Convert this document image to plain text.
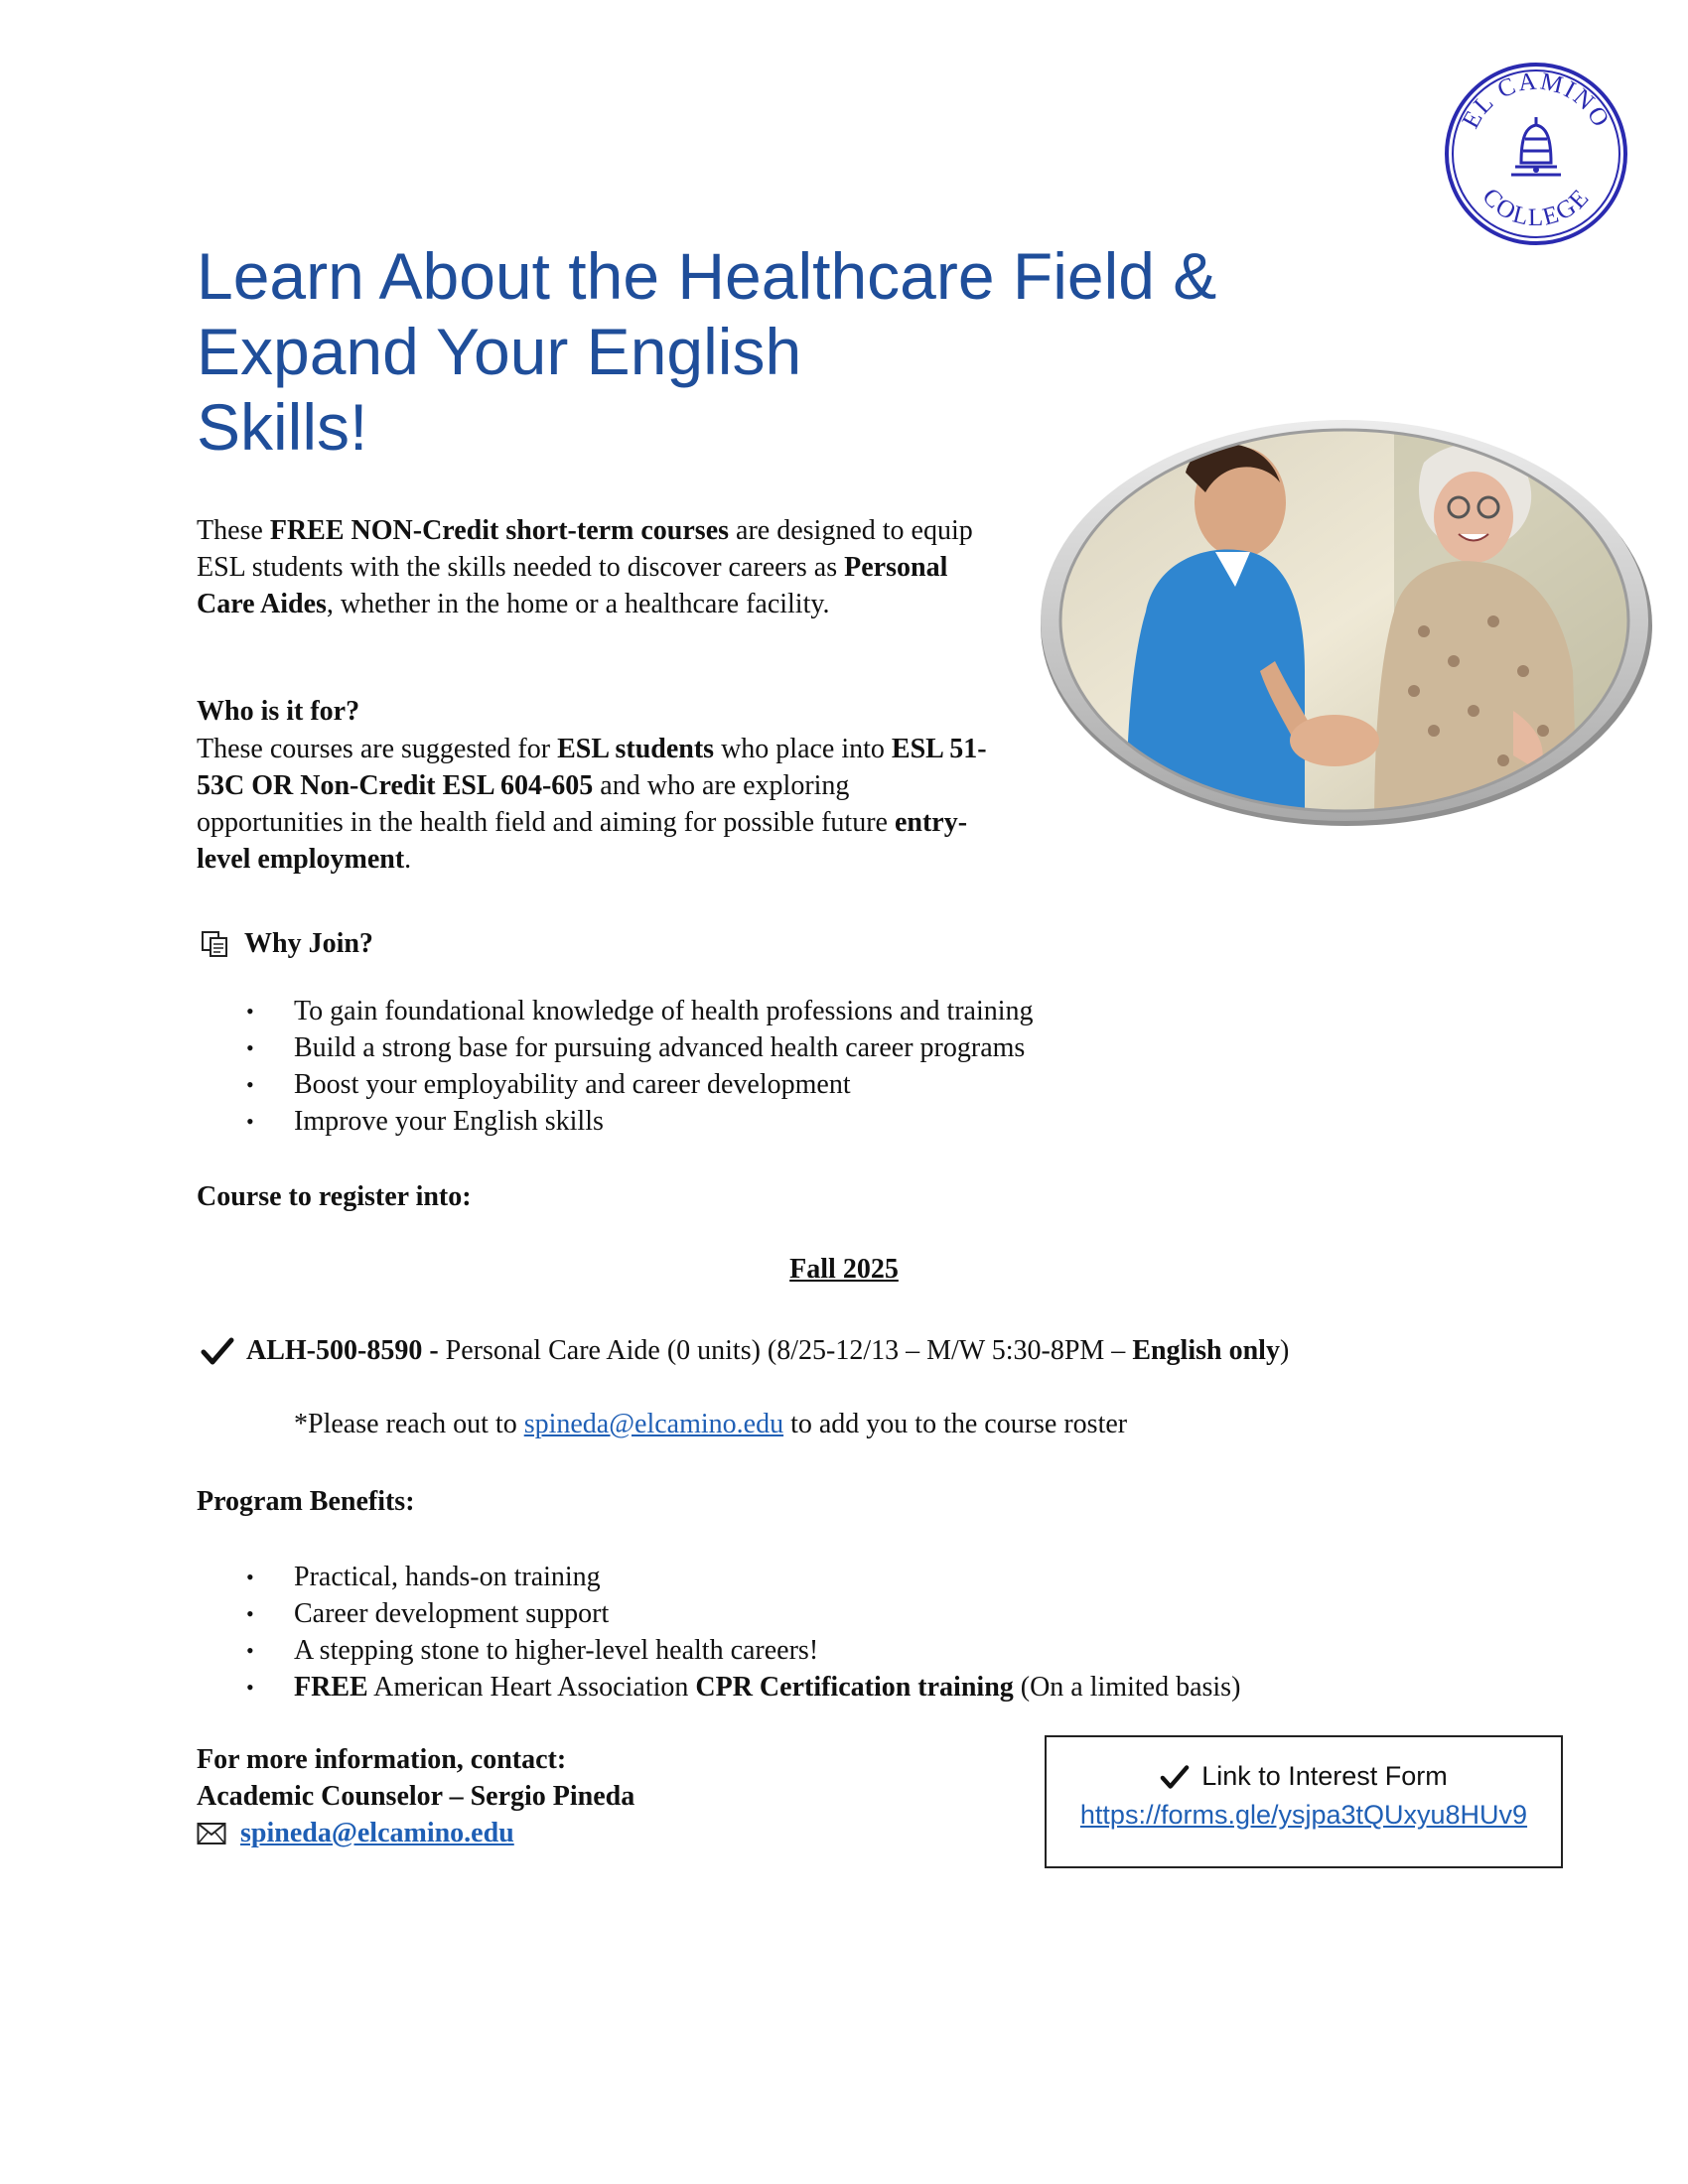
EL CAMINO
COLLEGE
Learn About the Healthcare Field &
Expand Your English
Skills!
These FREE NON-Credit short-term courses are designed to equip ESL students with the skills needed to discover careers as Personal Care Aides, whether in the home or a healthcare facility.
Who is it for?
These courses are suggested for ESL students who place into ESL 51-53C OR Non-Credit ESL 604-605 and who are exploring opportunities in the health field and aiming for possible future entry-level employment.
Why Join?
• To gain foundational knowledge of health professions and training
• Build a strong base for pursuing advanced health career programs
• Boost your employability and career development
• Improve your English skills
Course to register into:
Fall 2025
ALH-500-8590 - Personal Care Aide (0 units) (8/25-12/13 – M/W 5:30-8PM – English only )
*Please reach out to spineda@elcamino.edu to add you to the course roster
Program Benefits:
• Practical, hands-on training
• Career development support
• A stepping stone to higher-level health careers!
• FREE American Heart Association CPR Certification training (On a limited basis)
For more information, contact:
Academic Counselor – Sergio Pineda
spineda@elcamino.edu
Link to Interest Form
https://forms.gle/ysjpa3tQUxyu8HUv9
